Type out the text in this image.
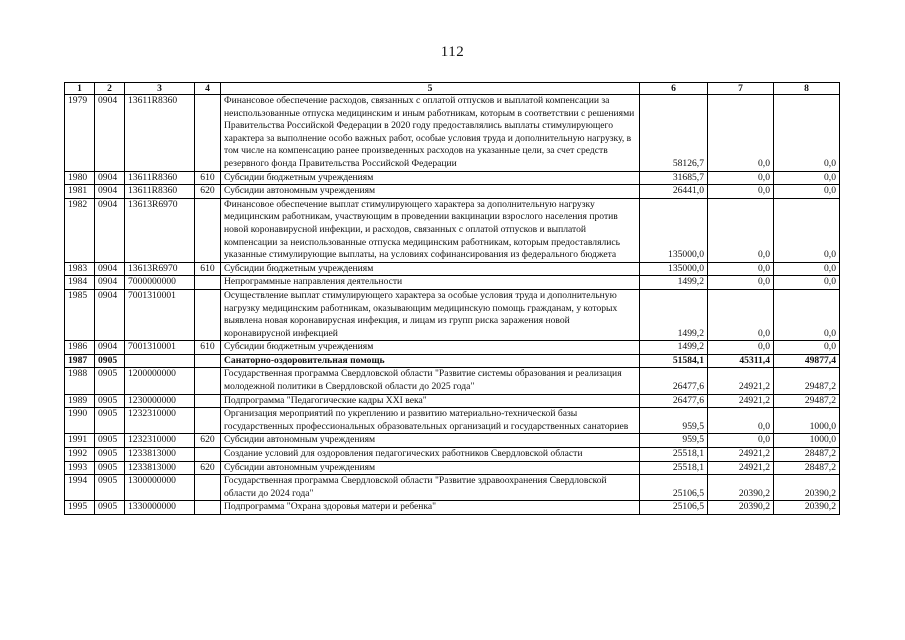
112
1	2	3	4	5	6	7	8
1979	0904	13611R8360		Финансовое обеспечение расходов, связанных с оплатой отпусков и выплатой компенсации за неиспользованные отпуска медицинским и иным работникам, которым в соответствии с решениями Правительства Российской Федерации в 2020 году предоставлялись выплаты стимулирующего характера за выполнение особо важных работ, особые условия труда и дополнительную нагрузку, в том числе на компенсацию ранее произведенных расходов на указанные цели, за счет средств резервного фонда Правительства Российской Федерации	58126,7	0,0	0,0
1980	0904	13611R8360	610	Субсидии бюджетным учреждениям	31685,7	0,0	0,0
1981	0904	13611R8360	620	Субсидии автономным учреждениям	26441,0	0,0	0,0
1982	0904	13613R6970		Финансовое обеспечение выплат стимулирующего характера за дополнительную нагрузку медицинским работникам, участвующим в проведении вакцинации взрослого населения против новой коронавирусной инфекции, и расходов, связанных с оплатой отпусков и выплатой компенсации за неиспользованные отпуска медицинским работникам, которым предоставлялись указанные стимулирующие выплаты, на условиях софинансирования из федерального бюджета	135000,0	0,0	0,0
1983	0904	13613R6970	610	Субсидии бюджетным учреждениям	135000,0	0,0	0,0
1984	0904	7000000000		Непрограммные направления деятельности	1499,2	0,0	0,0
1985	0904	7001310001		Осуществление выплат стимулирующего характера за особые условия труда и дополнительную нагрузку медицинским работникам, оказывающим медицинскую помощь гражданам, у которых выявлена новая коронавирусная инфекция, и лицам из групп риска заражения новой коронавирусной инфекцией	1499,2	0,0	0,0
1986	0904	7001310001	610	Субсидии бюджетным учреждениям	1499,2	0,0	0,0
1987	0905			Санаторно-оздоровительная помощь	51584,1	45311,4	49877,4
1988	0905	1200000000		Государственная программа Свердловской области "Развитие системы образования и реализация молодежной политики в Свердловской области до 2025 года"	26477,6	24921,2	29487,2
1989	0905	1230000000		Подпрограмма "Педагогические кадры XXI века"	26477,6	24921,2	29487,2
1990	0905	1232310000		Организация мероприятий по укреплению и развитию материально-технической базы государственных профессиональных образовательных организаций и государственных санаториев	959,5	0,0	1000,0
1991	0905	1232310000	620	Субсидии автономным учреждениям	959,5	0,0	1000,0
1992	0905	1233813000		Создание условий для оздоровления педагогических работников Свердловской области	25518,1	24921,2	28487,2
1993	0905	1233813000	620	Субсидии автономным учреждениям	25518,1	24921,2	28487,2
1994	0905	1300000000		Государственная программа Свердловской области "Развитие здравоохранения Свердловской области до 2024 года"	25106,5	20390,2	20390,2
1995	0905	1330000000		Подпрограмма "Охрана здоровья матери и ребенка"	25106,5	20390,2	20390,2
